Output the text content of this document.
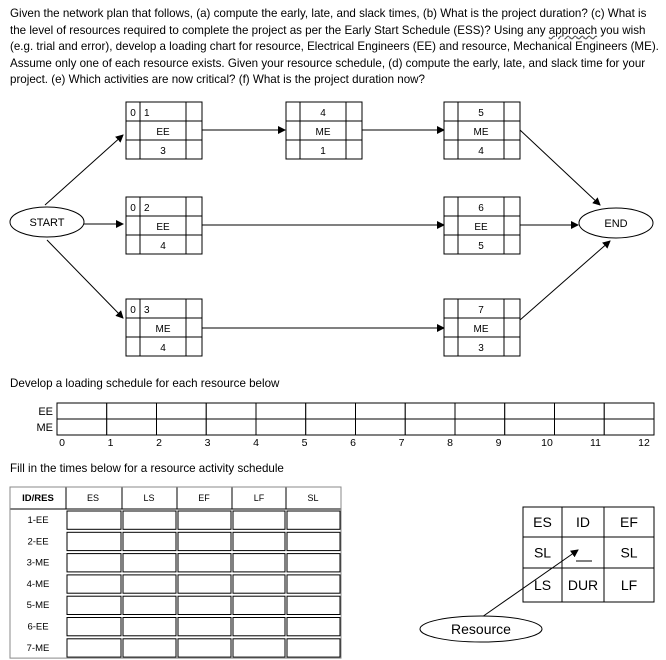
Given the network plan that follows, (a) compute the early, late, and slack times, (b) What is the project duration? (c) What is the level of resources required to complete the project as per the Early Start Schedule (ESS)? Using any approach you wish (e.g. trial and error), develop a loading chart for resource, Electrical Engineers (EE) and resource, Mechanical Engineers (ME). Assume only one of each resource exists. Given your resource schedule, (d) compute the early, late, and slack time for your project. (e) Which activities are now critical? (f) What is the project duration now?
START	END
0 1
EE
3
0 2
EE
4
0 3
ME
4
4
ME
1
5
ME
4
6
EE
5
7
ME
3
EE
ME
0	1	2	3	4	5	6	7	8	9	10	11	12
ID/RES	ES	LS	EF	LF	SL
1-EE
2-EE
3-ME
4-ME
5-ME
6-EE
7-ME
ES ID EF
SL	SL
LS DUR LF
Resource
Develop a loading schedule for each resource below
Fill in the times below for a resource activity schedule
